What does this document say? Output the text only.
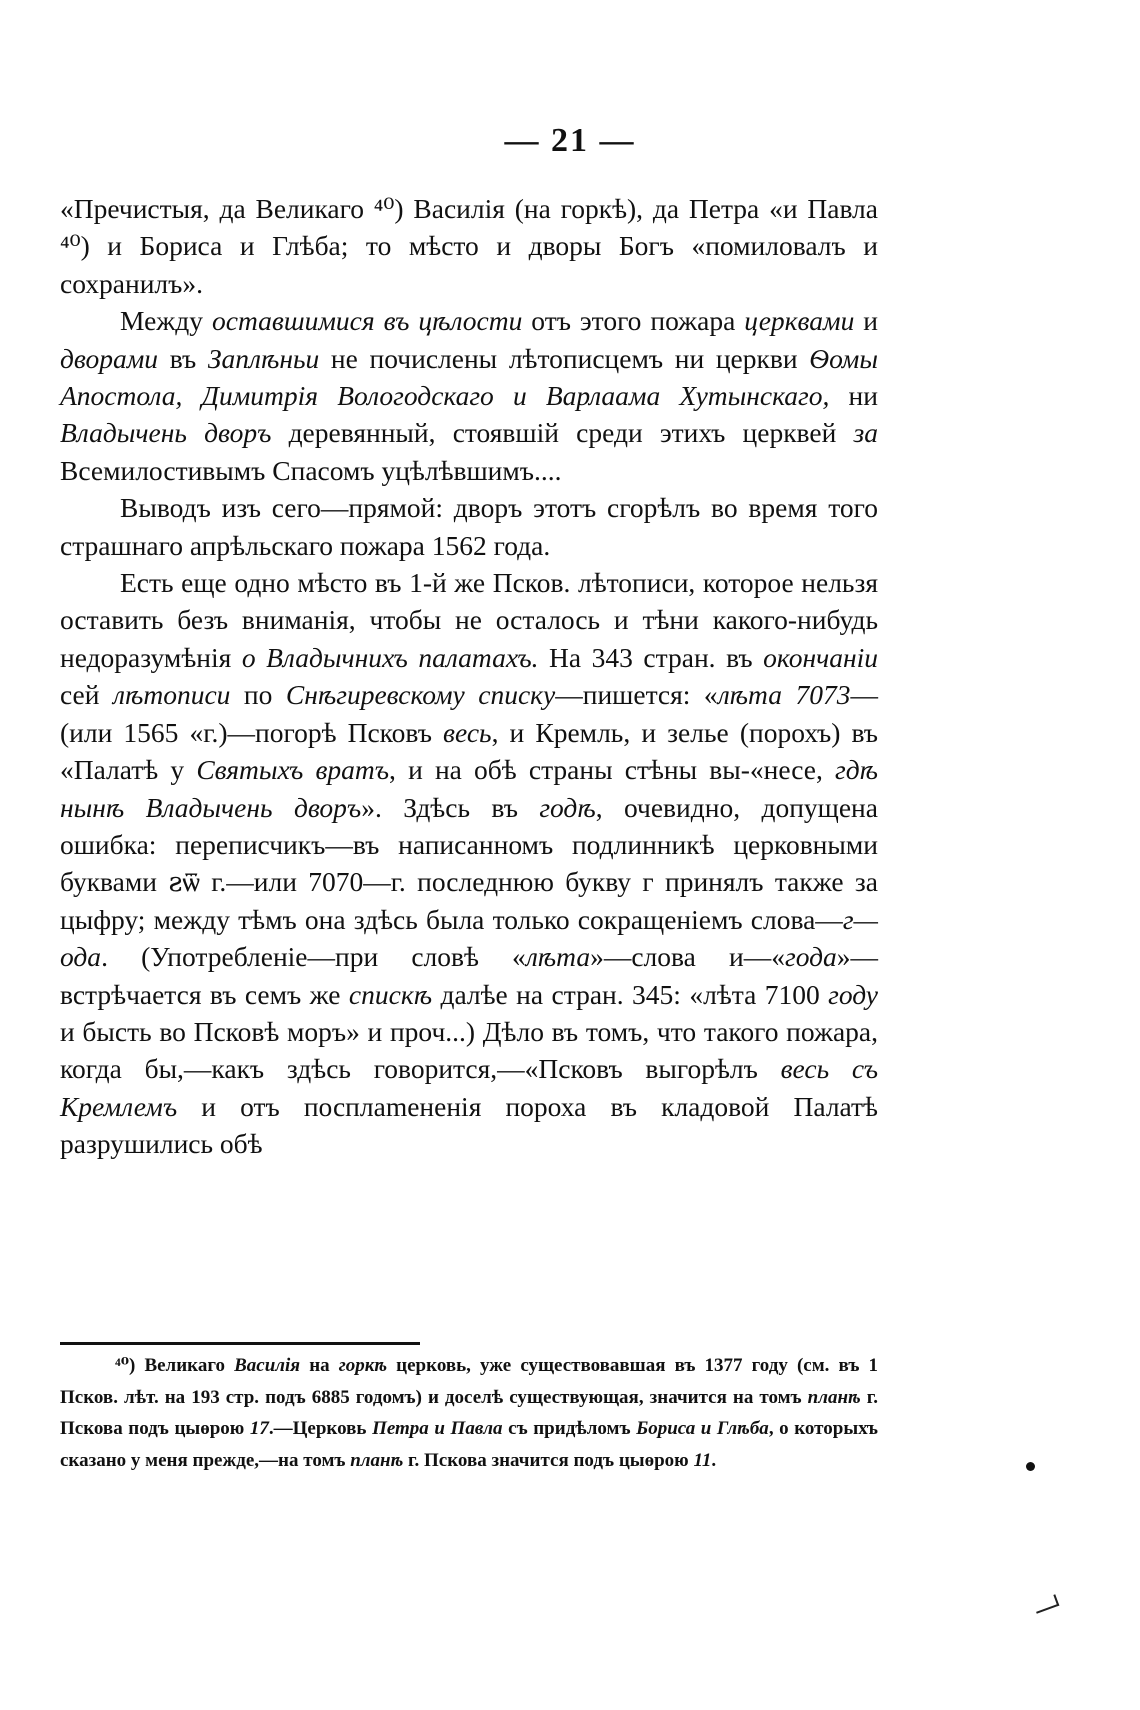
— 21 —

«Пречистыя, да Великаго ⁴⁰) Василія (на горкѣ), да Петра «и Павла ⁴⁰) и Бориса и Глѣба; то мѣсто и дворы Богъ «помиловалъ и сохранилъ».

Между оставшимися въ цѣлости отъ этого пожара церквами и дворами въ Заплѣньи не почислены лѣтописцемъ ни церкви Ѳомы Апостола, Димитрія Вологодскаго и Варлаама Хутынскаго, ни Владычень дворъ деревянный, стоявшій среди этихъ церквей за Всемилостивымъ Спасомъ уцѣлѣвшимъ....

Выводъ изъ сего—прямой: дворъ этотъ сгорѣлъ во время того страшнаго апрѣльскаго пожара 1562 года.

Есть еще одно мѣсто въ 1-й же Псков. лѣтописи, которое нельзя оставить безъ вниманія, чтобы не осталось и тѣни какого-нибудь недоразумѣнія о Владычнихъ палатахъ. На 343 стран. въ окончаніи сей лѣтописи по Снѣгиревскому списку—пишется: «лѣта 7073—(или 1565 «г.)—погорѣ Псковъ весь, и Кремль, и зелье (порохъ) въ «Палатѣ у Святыхъ вратъ, и на обѣ страны стѣны вы-«несе, гдѣ нынѣ Владычень дворъ». Здѣсь въ годѣ, очевидно, допущена ошибка: переписчикъ—въ написанномъ подлинникѣ церковными буквами ꙅѿ г.—или 7070—г. последнюю букву г принялъ также за цыфру; между тѣмъ она здѣсь была только сокращеніемъ слова—г—ода. (Употребленіе—при словѣ «лѣта»—слова и—«года»—встрѣчается въ семъ же спискѣ далѣе на стран. 345: «лѣта 7100 году и бысть во Псковѣ моръ» и проч...) Дѣло въ томъ, что такого пожара, когда бы,—какъ здѣсь говорится,—«Псковъ выгорѣлъ весь съ Кремлемъ и отъ посплameненія пороха въ кладовой Палатѣ разрушились обѣ

⁴⁰) Великаго Василія на горкѣ церковь, уже существовавшая въ 1377 году (см. въ 1 Псков. лѣт. на 193 стр. подъ 6885 годомъ) и доселѣ существующая, значится на томъ планѣ г. Пскова подъ цыөрою 17.—Церковь Петра и Павла съ придѣломъ Бориса и Глѣба, о которыхъ сказано у меня прежде,—на томъ планѣ г. Пскова значится подъ цыөрою 11.
